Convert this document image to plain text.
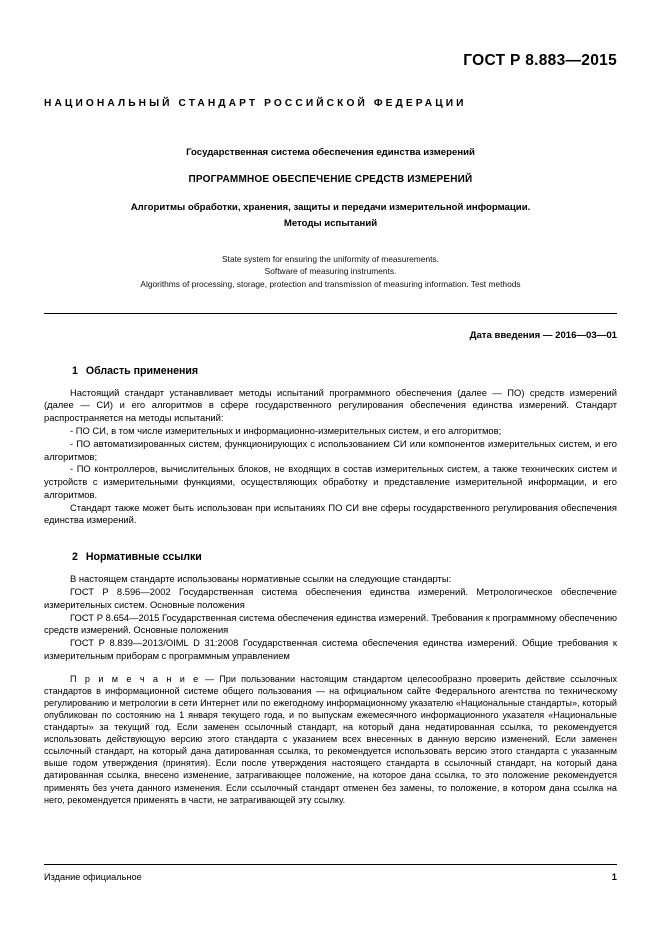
ГОСТ Р 8.883—2015
НАЦИОНАЛЬНЫЙ СТАНДАРТ РОССИЙСКОЙ ФЕДЕРАЦИИ
Государственная система обеспечения единства измерений
ПРОГРАММНОЕ ОБЕСПЕЧЕНИЕ СРЕДСТВ ИЗМЕРЕНИЙ
Алгоритмы обработки, хранения, защиты и передачи измерительной информации.
Методы испытаний
State system for ensuring the uniformity of measurements.
Software of measuring instruments.
Algorithms of processing, storage, protection and transmission of measuring information. Test methods
Дата введения — 2016—03—01
1 Область применения

Настоящий стандарт устанавливает методы испытаний программного обеспечения (далее — ПО) средств измерений (далее — СИ) и его алгоритмов в сфере государственного регулирования обеспечения единства измерений. Стандарт распространяется на методы испытаний:

- ПО СИ, в том числе измерительных и информационно-измерительных систем, и его алгоритмов;

- ПО автоматизированных систем, функционирующих с использованием СИ или компонентов измерительных систем, и его алгоритмов;

- ПО контроллеров, вычислительных блоков, не входящих в состав измерительных систем, а также технических систем и устройств с измерительными функциями, осуществляющих обработку и представление измерительной информации, и его алгоритмов.

Стандарт также может быть использован при испытаниях ПО СИ вне сферы государственного регулирования обеспечения единства измерений.

2 Нормативные ссылки

В настоящем стандарте использованы нормативные ссылки на следующие стандарты:

ГОСТ Р 8.596—2002 Государственная система обеспечения единства измерений. Метрологическое обеспечение измерительных систем. Основные положения

ГОСТ Р 8.654—2015 Государственная система обеспечения единства измерений. Требования к программному обеспечению средств измерений. Основные положения

ГОСТ Р 8.839—2013/OIML D 31:2008 Государственная система обеспечения единства измерений. Общие требования к измерительным приборам с программным управлением

П р и м е ч а н и е — При пользовании настоящим стандартом целесообразно проверить действие ссылочных стандартов в информационной системе общего пользования — на официальном сайте Федерального агентства по техническому регулированию и метрологии в сети Интернет или по ежегодному информационному указателю «Национальные стандарты», который опубликован по состоянию на 1 января текущего года, и по выпускам ежемесячного информационного указателя «Национальные стандарты» за текущий год. Если заменен ссылочный стандарт, на который дана недатированная ссылка, то рекомендуется использовать действующую версию этого стандарта с указанием всех внесенных в данную версию изменений. Если заменен ссылочный стандарт, на который дана датированная ссылка, то рекомендуется использовать версию этого стандарта с указанным выше годом утверждения (принятия). Если после утверждения настоящего стандарта в ссылочный стандарт, на который дана датированная ссылка, внесено изменение, затрагивающее положение, на которое дана ссылка, то это положение рекомендуется применять без учета данного изменения. Если ссылочный стандарт отменен без замены, то положение, в котором дана ссылка на него, рекомендуется применять в части, не затрагивающей эту ссылку.

Издание официальное	1
